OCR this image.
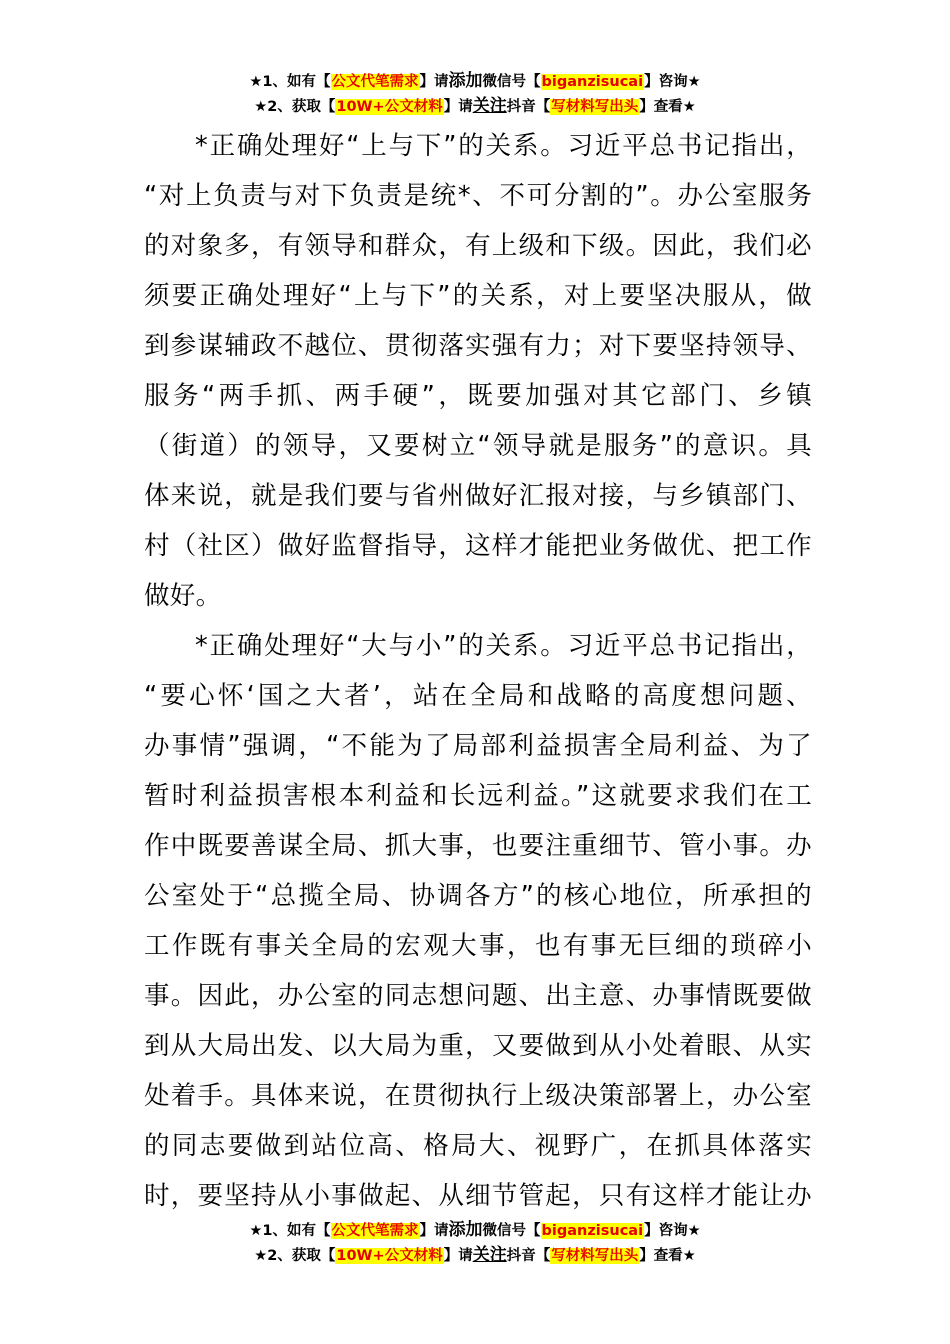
★1、如有【公文代笔需求】请添加微信号【biganzisucai】咨询★
★2、获取【10W+公文材料】请关注抖音【写材料写出头】查看★

*正确处理好“上与下”的关系。习近平总书记指出，
“对上负责与对下负责是统*、不可分割的”。办公室服务
的对象多，有领导和群众，有上级和下级。因此，我们必
须要正确处理好“上与下”的关系，对上要坚决服从，做
到参谋辅政不越位、贯彻落实强有力；对下要坚持领导、
服务“两手抓、两手硬”，既要加强对其它部门、乡镇
（街道）的领导，又要树立“领导就是服务”的意识。具
体来说，就是我们要与省州做好汇报对接，与乡镇部门、
村（社区）做好监督指导，这样才能把业务做优、把工作
做好。

*正确处理好“大与小”的关系。习近平总书记指出，
“要心怀‘国之大者’，站在全局和战略的高度想问题、
办事情”强调，“不能为了局部利益损害全局利益、为了
暂时利益损害根本利益和长远利益。”这就要求我们在工
作中既要善谋全局、抓大事，也要注重细节、管小事。办
公室处于“总揽全局、协调各方”的核心地位，所承担的
工作既有事关全局的宏观大事，也有事无巨细的琐碎小
事。因此，办公室的同志想问题、出主意、办事情既要做
到从大局出发、以大局为重，又要做到从小处着眼、从实
处着手。具体来说，在贯彻执行上级决策部署上，办公室
的同志要做到站位高、格局大、视野广，在抓具体落实
时，要坚持从小事做起、从细节管起，只有这样才能让办

★1、如有【公文代笔需求】请添加微信号【biganzisucai】咨询★
★2、获取【10W+公文材料】请关注抖音【写材料写出头】查看★
